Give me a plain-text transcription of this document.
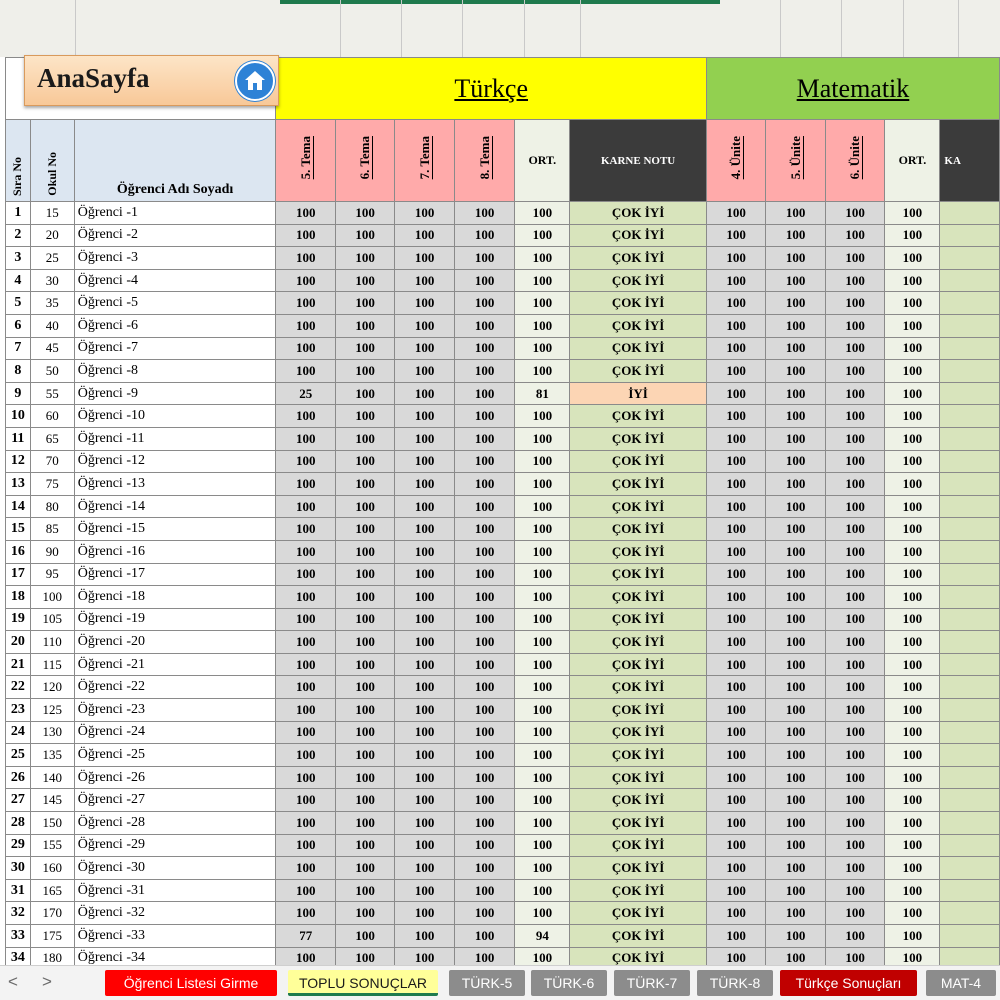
AnaSayfa
			Türkçe						Matematik				
Sıra No	Okul No	Öğrenci Adı Soyadı	5. Tema	6. Tema	7. Tema	8. Tema	ORT.	KARNE NOTU	4. Ünite	5. Ünite	6. Ünite	ORT.	KA
1	15	Öğrenci -1	100	100	100	100	100	ÇOK İYİ	100	100	100	100	
2	20	Öğrenci -2	100	100	100	100	100	ÇOK İYİ	100	100	100	100	
3	25	Öğrenci -3	100	100	100	100	100	ÇOK İYİ	100	100	100	100	
4	30	Öğrenci -4	100	100	100	100	100	ÇOK İYİ	100	100	100	100	
5	35	Öğrenci -5	100	100	100	100	100	ÇOK İYİ	100	100	100	100	
6	40	Öğrenci -6	100	100	100	100	100	ÇOK İYİ	100	100	100	100	
7	45	Öğrenci -7	100	100	100	100	100	ÇOK İYİ	100	100	100	100	
8	50	Öğrenci -8	100	100	100	100	100	ÇOK İYİ	100	100	100	100	
9	55	Öğrenci -9	25	100	100	100	81	İYİ	100	100	100	100	
10	60	Öğrenci -10	100	100	100	100	100	ÇOK İYİ	100	100	100	100	
11	65	Öğrenci -11	100	100	100	100	100	ÇOK İYİ	100	100	100	100	
12	70	Öğrenci -12	100	100	100	100	100	ÇOK İYİ	100	100	100	100	
13	75	Öğrenci -13	100	100	100	100	100	ÇOK İYİ	100	100	100	100	
14	80	Öğrenci -14	100	100	100	100	100	ÇOK İYİ	100	100	100	100	
15	85	Öğrenci -15	100	100	100	100	100	ÇOK İYİ	100	100	100	100	
16	90	Öğrenci -16	100	100	100	100	100	ÇOK İYİ	100	100	100	100	
17	95	Öğrenci -17	100	100	100	100	100	ÇOK İYİ	100	100	100	100	
18	100	Öğrenci -18	100	100	100	100	100	ÇOK İYİ	100	100	100	100	
19	105	Öğrenci -19	100	100	100	100	100	ÇOK İYİ	100	100	100	100	
20	110	Öğrenci -20	100	100	100	100	100	ÇOK İYİ	100	100	100	100	
21	115	Öğrenci -21	100	100	100	100	100	ÇOK İYİ	100	100	100	100	
22	120	Öğrenci -22	100	100	100	100	100	ÇOK İYİ	100	100	100	100	
23	125	Öğrenci -23	100	100	100	100	100	ÇOK İYİ	100	100	100	100	
24	130	Öğrenci -24	100	100	100	100	100	ÇOK İYİ	100	100	100	100	
25	135	Öğrenci -25	100	100	100	100	100	ÇOK İYİ	100	100	100	100	
26	140	Öğrenci -26	100	100	100	100	100	ÇOK İYİ	100	100	100	100	
27	145	Öğrenci -27	100	100	100	100	100	ÇOK İYİ	100	100	100	100	
28	150	Öğrenci -28	100	100	100	100	100	ÇOK İYİ	100	100	100	100	
29	155	Öğrenci -29	100	100	100	100	100	ÇOK İYİ	100	100	100	100	
30	160	Öğrenci -30	100	100	100	100	100	ÇOK İYİ	100	100	100	100	
31	165	Öğrenci -31	100	100	100	100	100	ÇOK İYİ	100	100	100	100	
32	170	Öğrenci -32	100	100	100	100	100	ÇOK İYİ	100	100	100	100	
33	175	Öğrenci -33	77	100	100	100	94	ÇOK İYİ	100	100	100	100	
34	180	Öğrenci -34	100	100	100	100	100	ÇOK İYİ	100	100	100	100	
< >	Öğrenci Listesi Girme	TOPLU SONUÇLAR	TÜRK-5	TÜRK-6	TÜRK-7	TÜRK-8	Türkçe Sonuçları	MAT-4
